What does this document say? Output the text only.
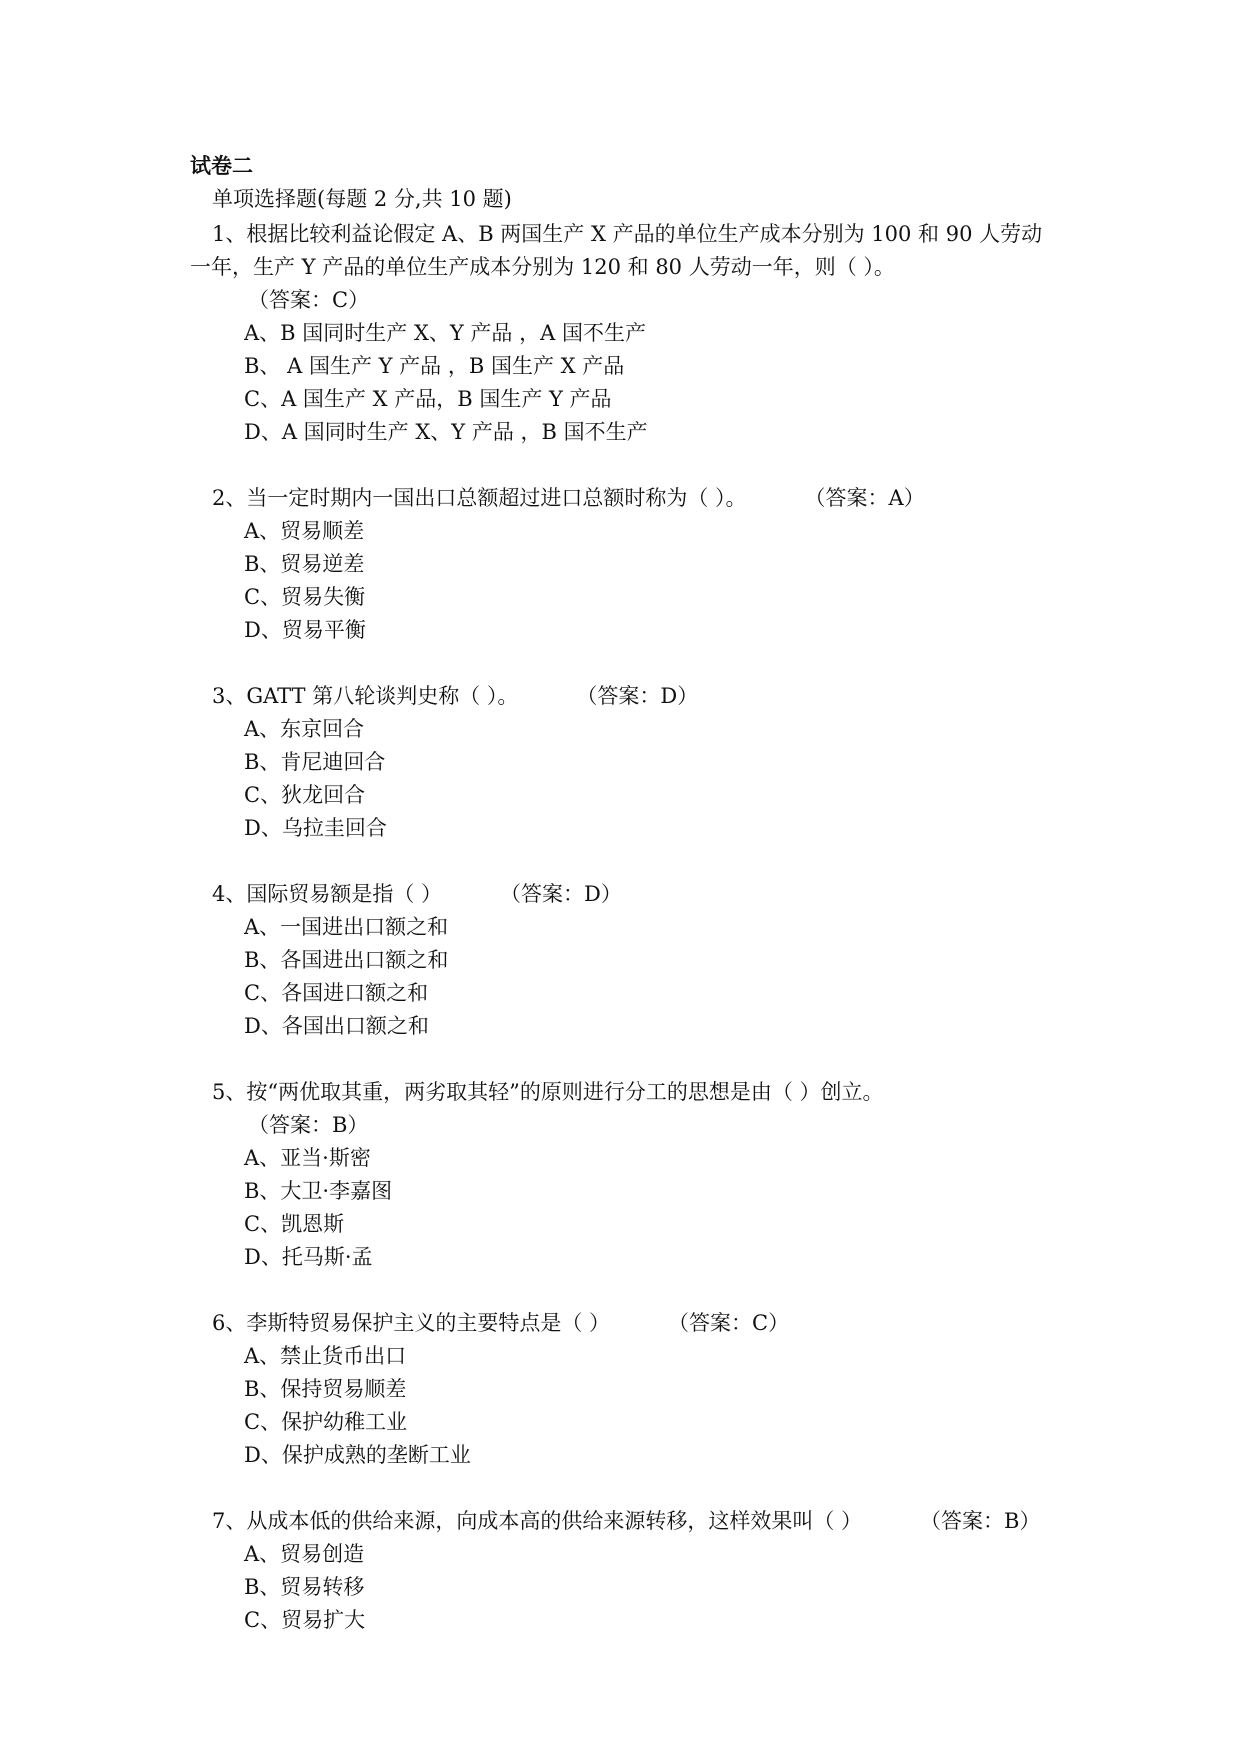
试卷二
单项选择题(每题 2 分,共 10 题)

1、根据比较利益论假定 A、B 两国生产 X 产品的单位生产成本分别为 100 和 90 人劳动一年，生产 Y 产品的单位生产成本分别为 120 和 80 人劳动一年，则（ ）。（答案：C）

A、B 国同时生产 X、Y 产品 ，A 国不生产

B、 A 国生产 Y 产品 ，B 国生产 X 产品

C、A 国生产 X 产品，B 国生产 Y 产品

D、A 国同时生产 X、Y 产品 ，B 国不生产

2、当一定时期内一国出口总额超过进口总额时称为（ ）。	（答案：A）

A、贸易顺差

B、贸易逆差

C、贸易失衡

D、贸易平衡

3、GATT 第八轮谈判史称（ ）。	（答案：D）

A、东京回合

B、肯尼迪回合

C、狄龙回合

D、乌拉圭回合

4、国际贸易额是指（ ）	（答案：D）

A、一国进出口额之和

B、各国进出口额之和

C、各国进口额之和

D、各国出口额之和

5、按“两优取其重，两劣取其轻”的原则进行分工的思想是由（ ）创立。（答案：B）

A、亚当·斯密

B、大卫·李嘉图

C、凯恩斯

D、托马斯·孟

6、李斯特贸易保护主义的主要特点是（ ）	（答案：C）

A、禁止货币出口

B、保持贸易顺差

C、保护幼稚工业

D、保护成熟的垄断工业

7、从成本低的供给来源，向成本高的供给来源转移，这样效果叫（ ）	（答案：B）

A、贸易创造

B、贸易转移

C、贸易扩大
